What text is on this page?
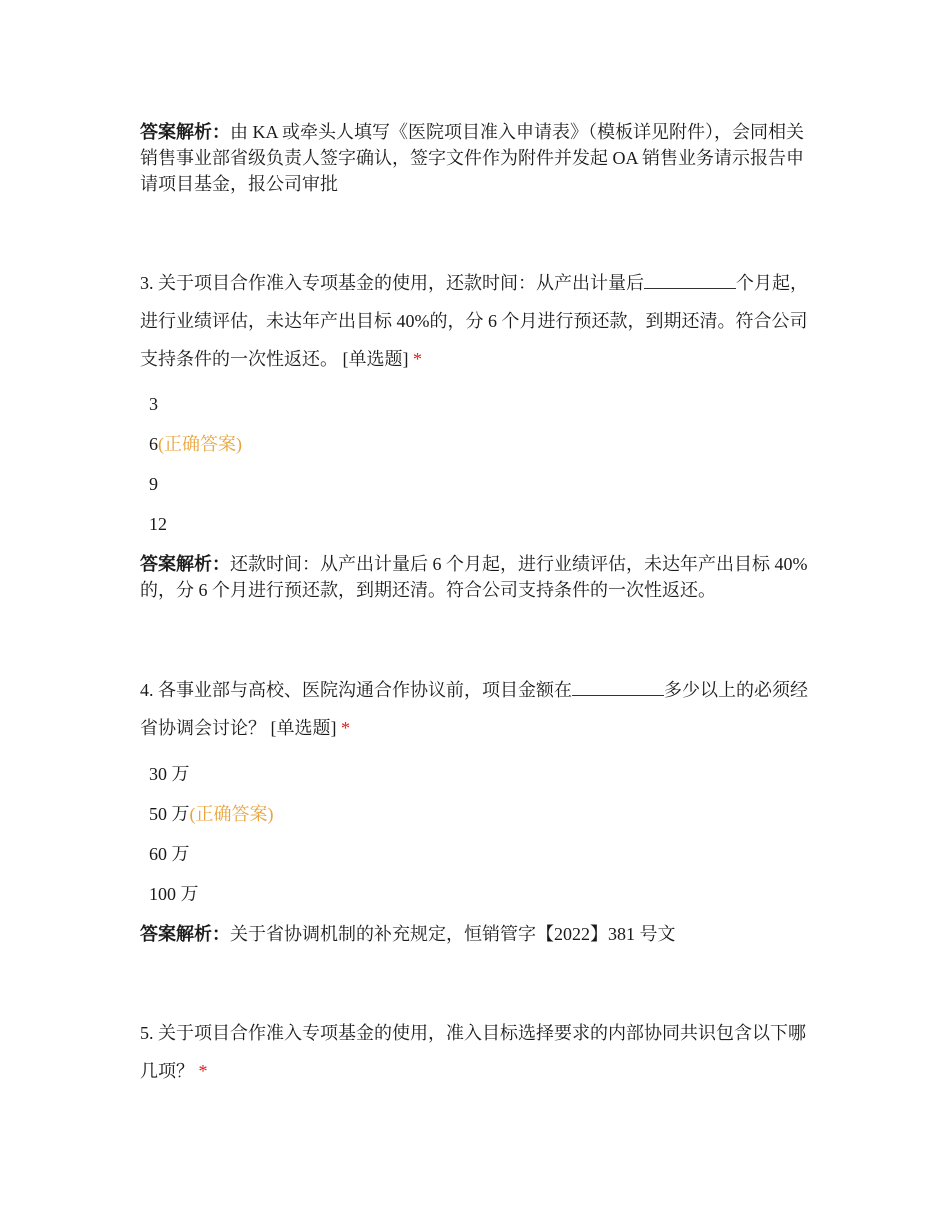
答案解析：由 KA 或牵头人填写《医院项目准入申请表》（模板详见附件），会同相关销售事业部省级负责人签字确认，签字文件作为附件并发起 OA 销售业务请示报告申请项目基金，报公司审批
3. 关于项目合作准入专项基金的使用，还款时间：从产出计量后	个月起，进行业绩评估，未达年产出目标 40%的，分 6 个月进行预还款，到期还清。符合公司支持条件的一次性返还。 [单选题] *
3
6(正确答案)
9
12
答案解析：还款时间：从产出计量后 6 个月起，进行业绩评估，未达年产出目标 40%的，分 6 个月进行预还款，到期还清。符合公司支持条件的一次性返还。
4. 各事业部与高校、医院沟通合作协议前，项目金额在	多少以上的必须经省协调会讨论？ [单选题] *
30 万
50 万(正确答案)
60 万
100 万
答案解析：关于省协调机制的补充规定，恒销管字【2022】381 号文
5. 关于项目合作准入专项基金的使用，准入目标选择要求的内部协同共识包含以下哪几项？ *
